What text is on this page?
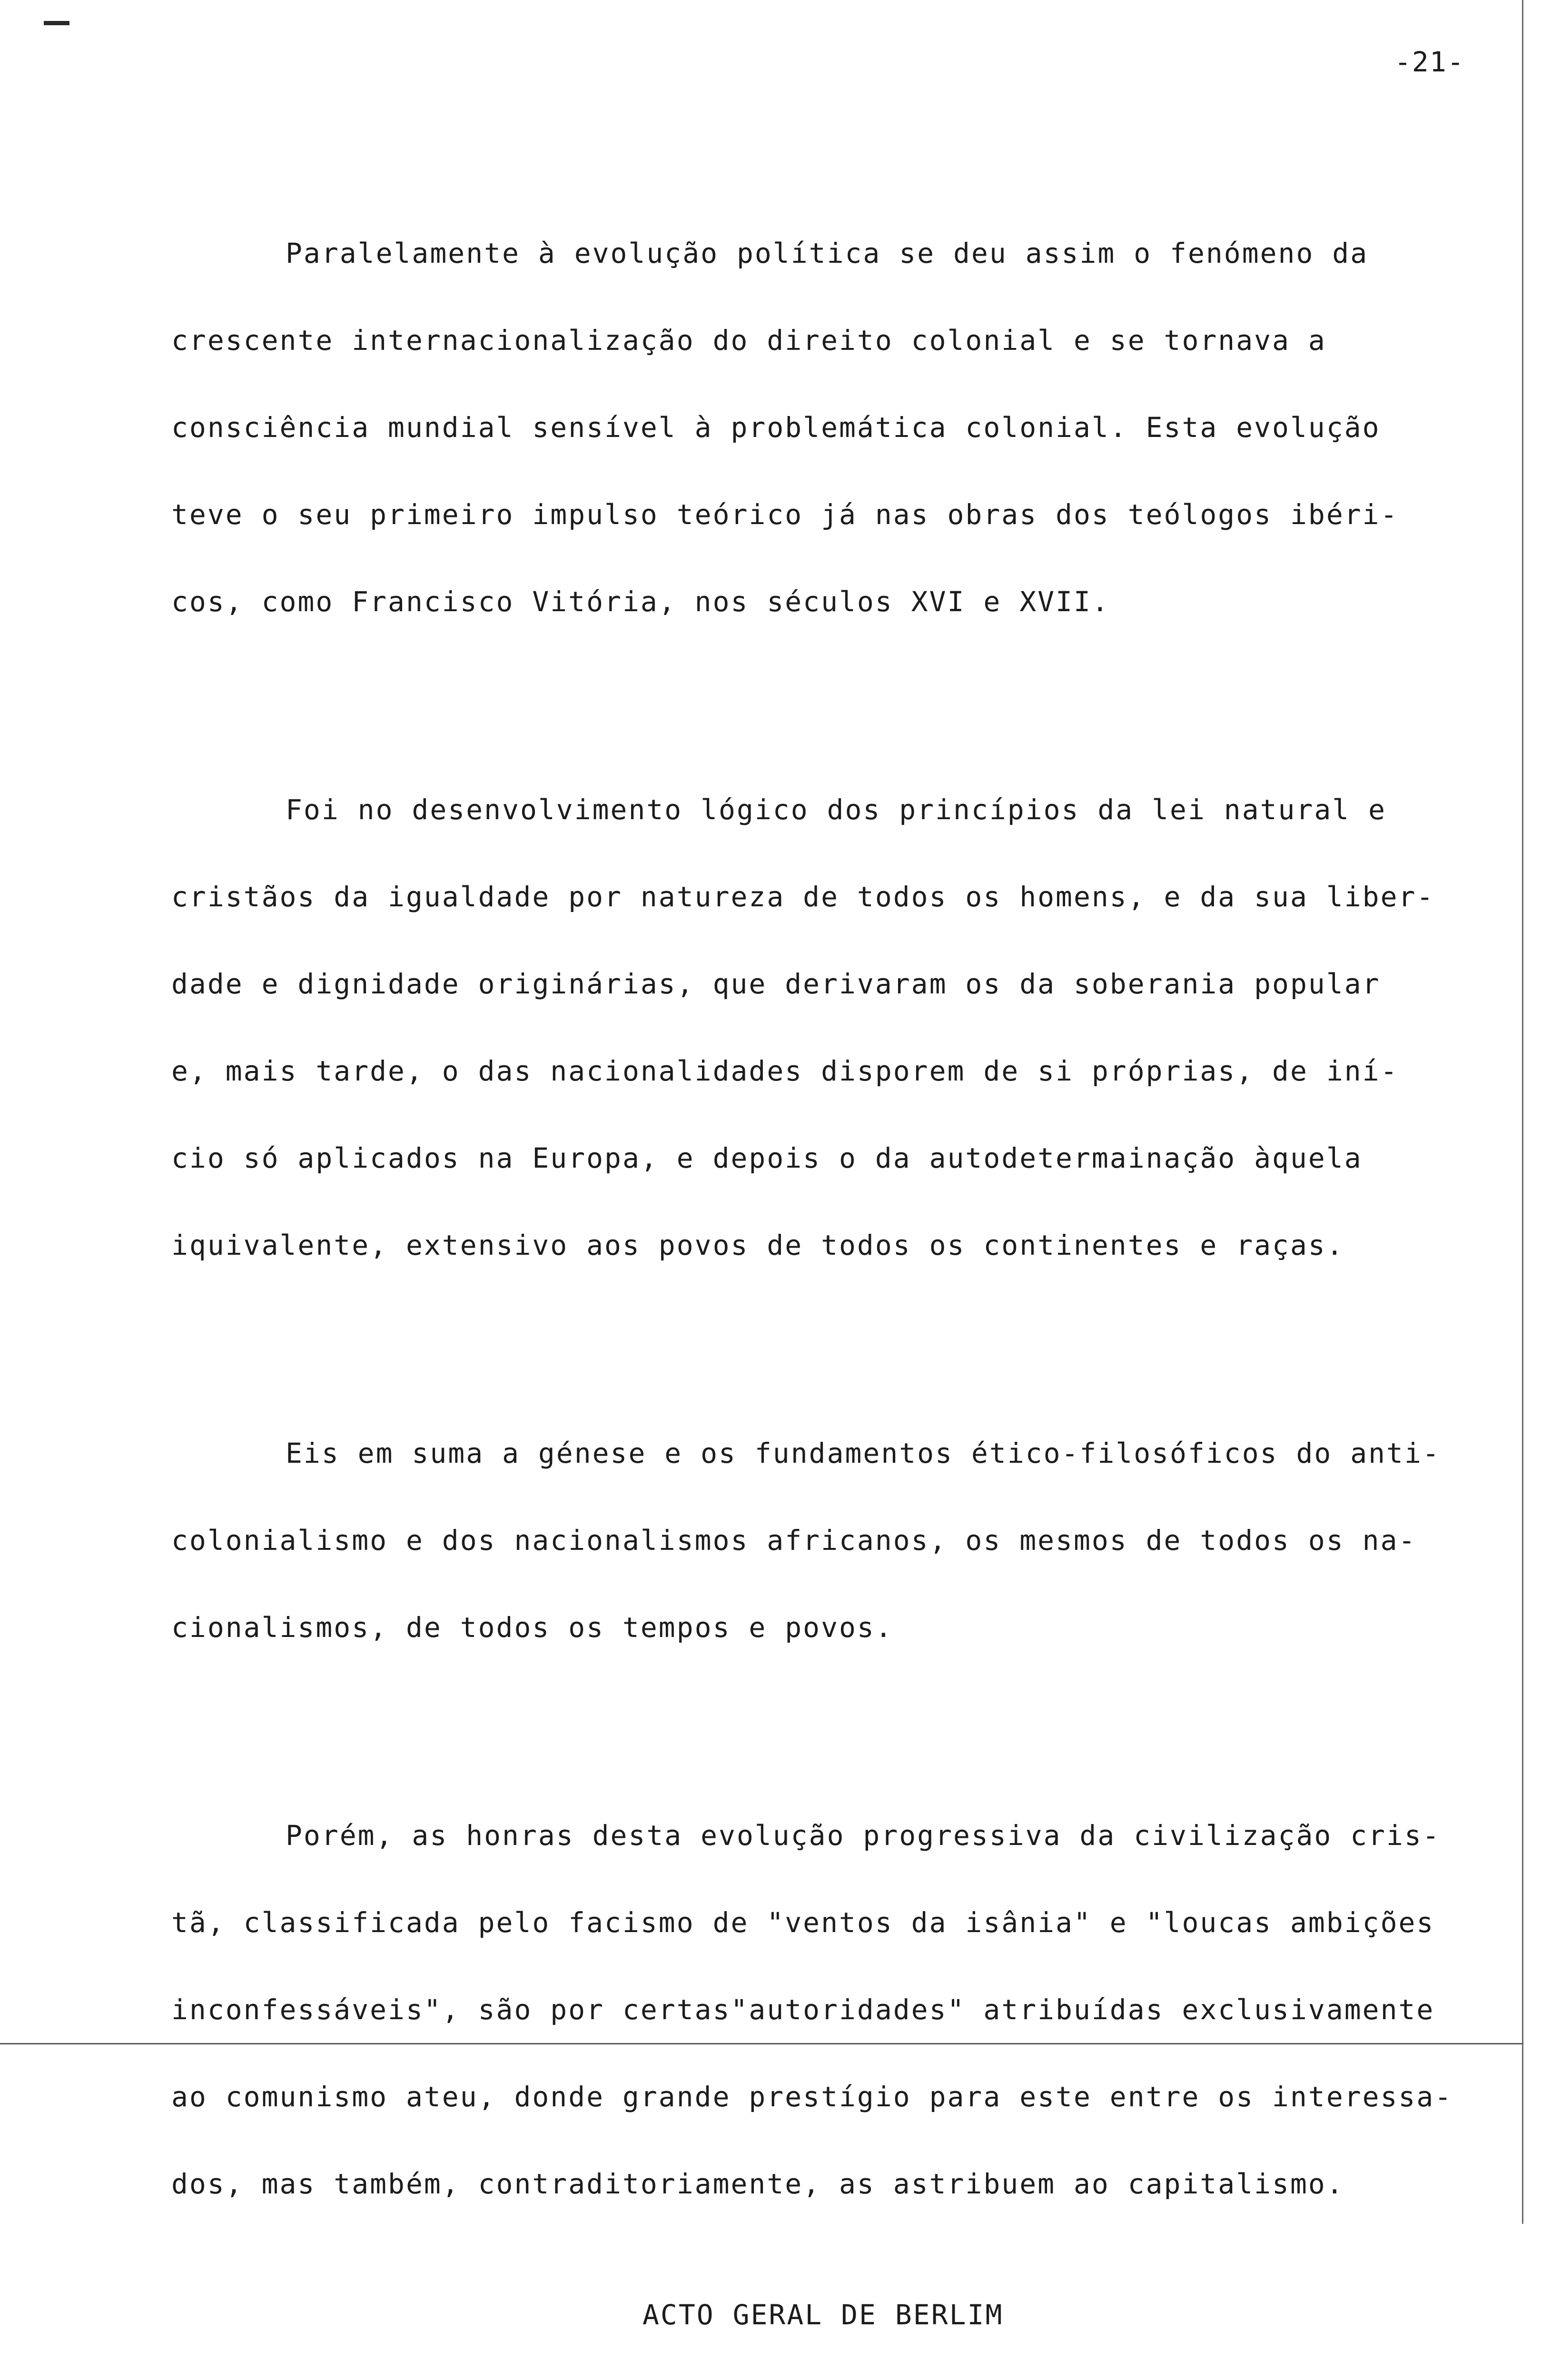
-21-

Paralelamente à evolução política se deu assim o fenómeno da

crescente internacionalização do direito colonial e se tornava a

consciência mundial sensível à problemática colonial. Esta evolução

teve o seu primeiro impulso teórico já nas obras dos teólogos ibéri-

cos, como Francisco Vitória, nos séculos XVI e XVII.

Foi no desenvolvimento lógico dos princípios da lei natural e

cristãos da igualdade por natureza de todos os homens, e da sua liber-

dade e dignidade originárias, que derivaram os da soberania popular

e, mais tarde, o das nacionalidades disporem de si próprias, de iní-

cio só aplicados na Europa, e depois o da autodetermainação àquela

iquivalente, extensivo aos povos de todos os continentes e raças.

Eis em suma a génese e os fundamentos ético-filosóficos do anti-

colonialismo e dos nacionalismos africanos, os mesmos de todos os na-

cionalismos, de todos os tempos e povos.

Porém, as honras desta evolução progressiva da civilização cris-

tã, classificada pelo facismo de "ventos da isânia" e "loucas ambições

inconfessáveis", são por certas"autoridades" atribuídas exclusivamente

ao comunismo ateu, donde grande prestígio para este entre os interessa-

dos, mas também, contraditoriamente, as astribuem ao capitalismo.

ACTO GERAL DE BERLIM
